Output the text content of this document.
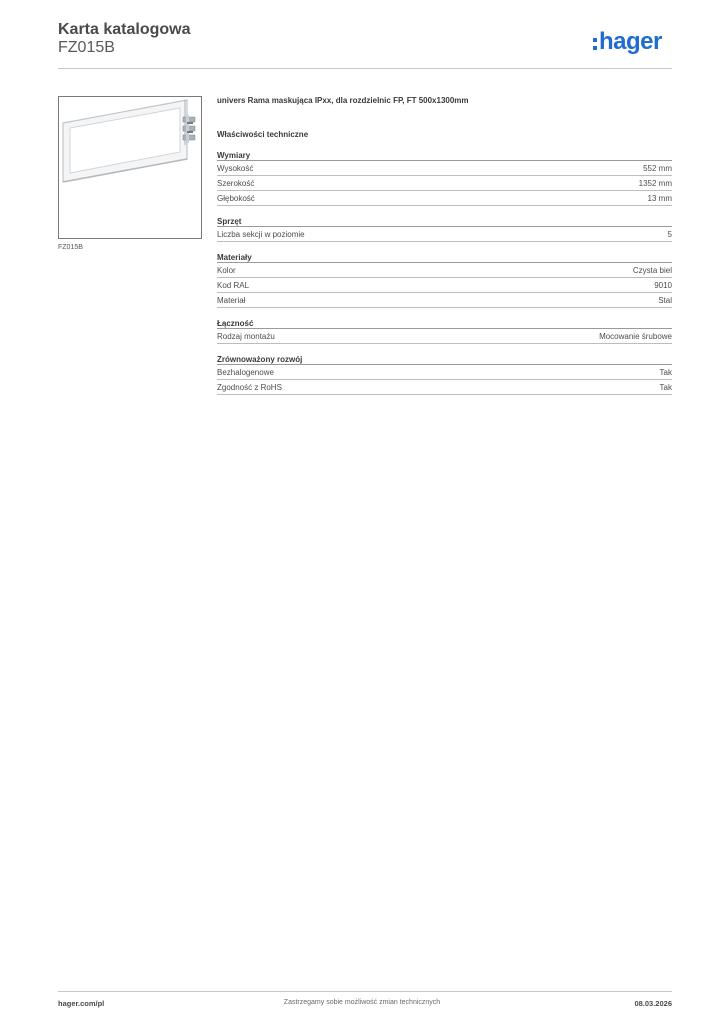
Karta katalogowa
FZ015B	hager
FZ015B
univers Rama maskująca IPxx, dla rozdzielnic FP, FT 500x1300mm
Właściwości techniczne
Wymiary
Wysokość	552 mm
Szerokość	1352 mm
Głębokość	13 mm
Sprzęt
Liczba sekcji w poziomie	5
Materiały
Kolor	Czysta biel
Kod RAL	9010
Materiał	Stal
Łączność
Rodzaj montażu	Mocowanie śrubowe
Zrównoważony rozwój
Bezhalogenowe	Tak
Zgodność z RoHS	Tak
hager.com/pl	Zastrzegamy sobie możliwość zmian technicznych	08.03.2026
